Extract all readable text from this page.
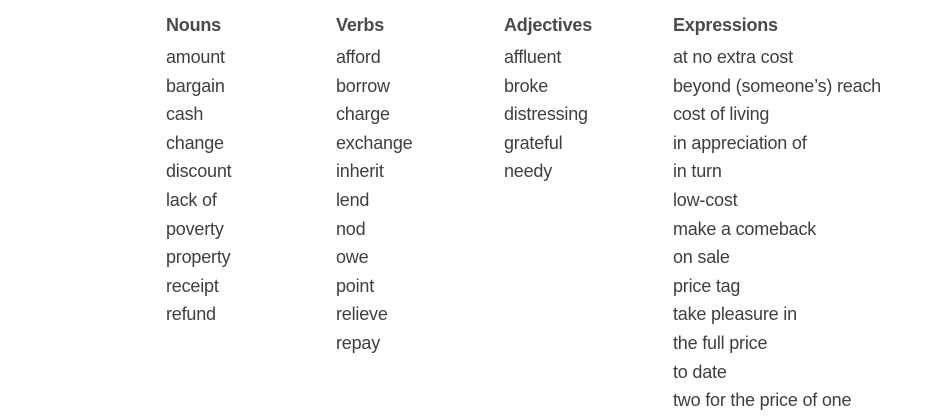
Nouns
amount
bargain
cash
change
discount
lack of
poverty
property
receipt
refund
Verbs
afford
borrow
charge
exchange
inherit
lend
nod
owe
point
relieve
repay
Adjectives
affluent
broke
distressing
grateful
needy
Expressions
at no extra cost
beyond (someone’s) reach
cost of living
in appreciation of
in turn
low-cost
make a comeback
on sale
price tag
take pleasure in
the full price
to date
two for the price of one
